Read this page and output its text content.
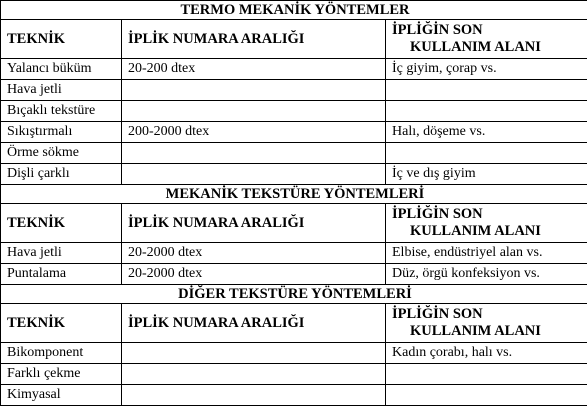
TERMO MEKANİK YÖNTEMLER		
TEKNİK	İPLİK NUMARA ARALIĞI	İPLİĞİN SON
KULLANIM ALANI

Yalancı büküm	20-200 dtex	İç giyim, çorap vs.
Hava jetli		
Bıçaklı tekstüre		
Sıkıştırmalı	200-2000 dtex	Halı, döşeme vs.
Örme sökme		
Dişli çarklı		İç ve dış giyim
MEKANİK TEKSTÜRE YÖNTEMLERİ		
TEKNİK	İPLİK NUMARA ARALIĞI	İPLİĞİN SON
KULLANIM ALANI

Hava jetli	20-2000 dtex	Elbise, endüstriyel alan vs.
Puntalama	20-2000 dtex	Düz, örgü konfeksiyon vs.
DİĞER TEKSTÜRE YÖNTEMLERİ		
TEKNİK	İPLİK NUMARA ARALIĞI	İPLİĞİN SON
KULLANIM ALANI

Bikomponent		Kadın çorabı, halı vs.
Farklı çekme		
Kimyasal		
